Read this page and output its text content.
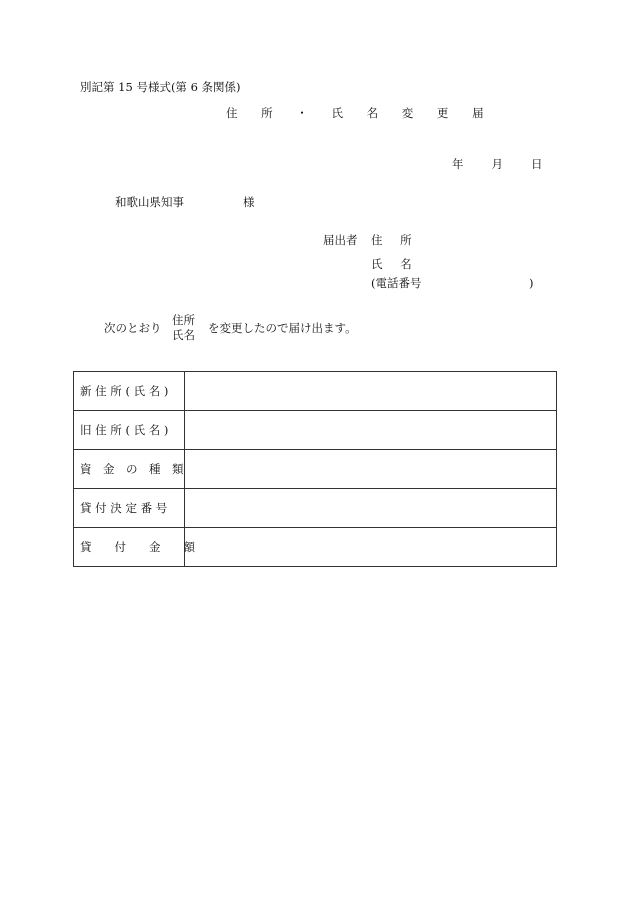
別記第 15 号様式(第 6 条関係)
住 所 ・ 氏 名 変 更 届
年 月 日
和歌山県知事	様
届出者 住 所
氏 名
(電話番号	)
次のとおり
住所
氏名 を変更したので届け出ます。
新 住 所 ( 氏 名 )	
旧 住 所 ( 氏 名 )	
資　金　の　種　類	
貸 付 決 定 番 号	
貸　　付　　金　　額	
